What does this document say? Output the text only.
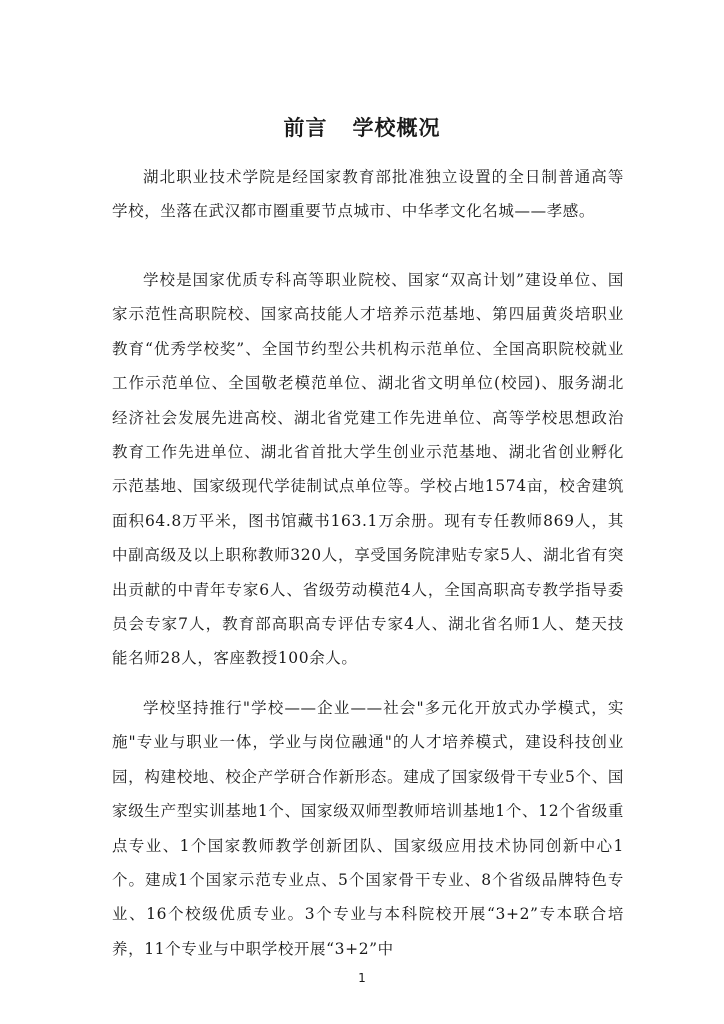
前言   学校概况

湖北职业技术学院是经国家教育部批准独立设置的全日制普通高等学校，坐落在武汉都市圈重要节点城市、中华孝文化名城——孝感。

学校是国家优质专科高等职业院校、国家“双高计划”建设单位、国家示范性高职院校、国家高技能人才培养示范基地、第四届黄炎培职业教育“优秀学校奖”、全国节约型公共机构示范单位、全国高职院校就业工作示范单位、全国敬老模范单位、湖北省文明单位(校园)、服务湖北经济社会发展先进高校、湖北省党建工作先进单位、高等学校思想政治教育工作先进单位、湖北省首批大学生创业示范基地、湖北省创业孵化示范基地、国家级现代学徒制试点单位等。学校占地1574亩，校舍建筑面积64.8万平米，图书馆藏书163.1万余册。现有专任教师869人，其中副高级及以上职称教师320人，享受国务院津贴专家5人、湖北省有突出贡献的中青年专家6人、省级劳动模范4人，全国高职高专教学指导委员会专家7人，教育部高职高专评估专家4人、湖北省名师1人、楚天技能名师28人，客座教授100余人。

学校坚持推行"学校——企业——社会"多元化开放式办学模式，实施"专业与职业一体，学业与岗位融通"的人才培养模式，建设科技创业园，构建校地、校企产学研合作新形态。建成了国家级骨干专业5个、国家级生产型实训基地1个、国家级双师型教师培训基地1个、12个省级重点专业、1个国家教师教学创新团队、国家级应用技术协同创新中心1个。建成1个国家示范专业点、5个国家骨干专业、8个省级品牌特色专业、16个校级优质专业。3个专业与本科院校开展“3+2”专本联合培养，11个专业与中职学校开展“3+2”中

1
